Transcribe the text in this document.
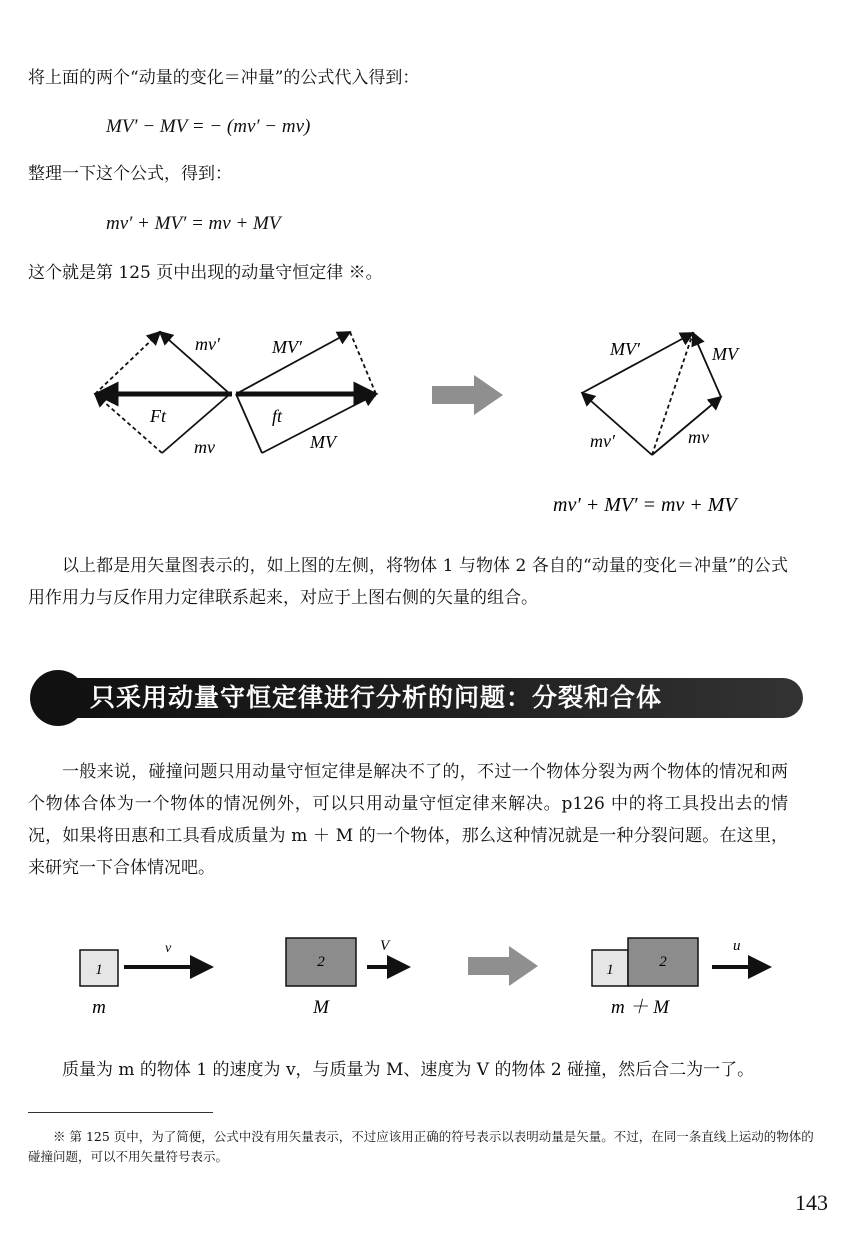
将上面的两个“动量的变化＝冲量”的公式代入得到：
MV′ − MV = − (mv′ − mv)
整理一下这个公式，得到：
mv′ + MV′ = mv + MV
这个就是第 125 页中出现的动量守恒定律 ※。
mv′	MV′
Ft	ft
mv	MV
MV′	MV
mv′	mv
mv′ + MV′ = mv + MV

以上都是用矢量图表示的，如上图的左侧，将物体 1 与物体 2 各自的“动量的变化＝冲量”的公式用作用力与反作用力定律联系起来，对应于上图右侧的矢量的组合。

只采用动量守恒定律进行分析的问题：分裂和合体

一般来说，碰撞问题只用动量守恒定律是解决不了的，不过一个物体分裂为两个物体的情况和两个物体合体为一个物体的情况例外，可以只用动量守恒定律来解决。p126 中的将工具投出去的情况，如果将田惠和工具看成质量为 m ＋ M 的一个物体，那么这种情况就是一种分裂问题。在这里，来研究一下合体情况吧。

1
v
m
2
V
M
1	2
u
m ＋ M

质量为 m 的物体 1 的速度为 v，与质量为 M、速度为 V 的物体 2 碰撞，然后合二为一了。

※ 第 125 页中，为了简便，公式中没有用矢量表示，不过应该用正确的符号表示以表明动量是矢量。不过，在同一条直线上运动的物体的碰撞问题，可以不用矢量符号表示。

143
